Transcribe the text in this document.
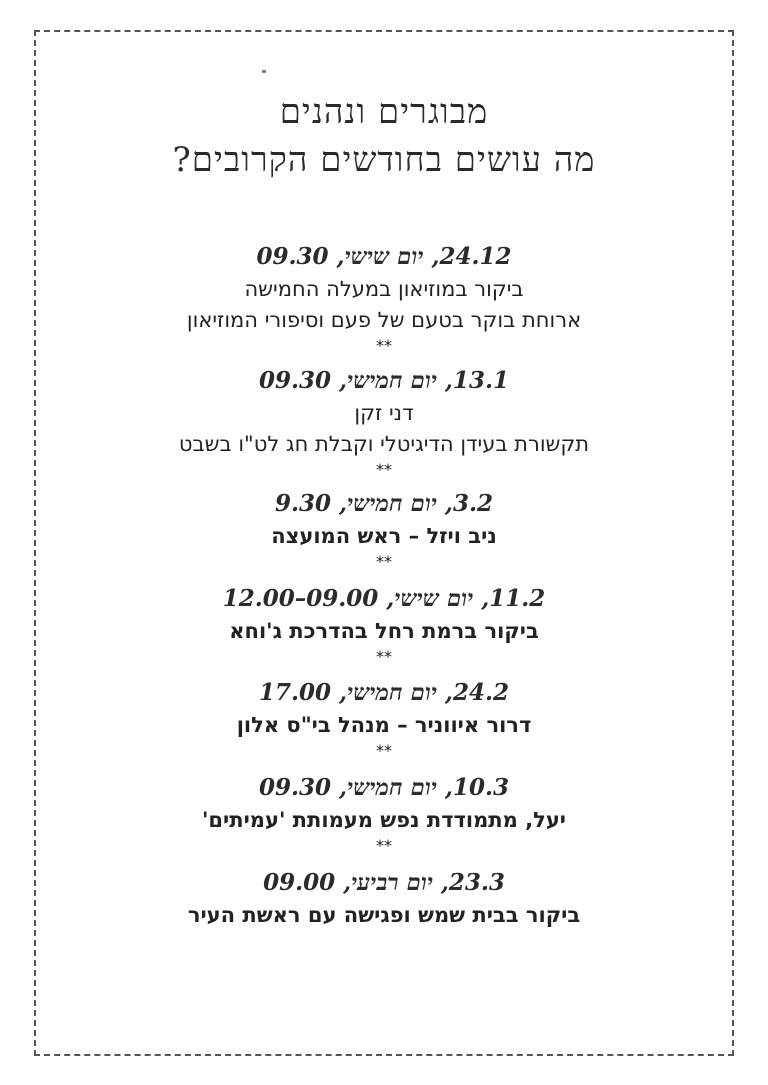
מבוגרים ונהנים
מה עושים בחודשים הקרובים?
24.12, יום שישי, 09.30
ביקור במוזיאון במעלה החמישה
ארוחת בוקר בטעם של פעם וסיפורי המוזיאון
**
13.1, יום חמישי, 09.30
דני זקן
תקשורת בעידן הדיגיטלי וקבלת חג לט"ו בשבט
**
3.2, יום חמישי, 9.30
ניב ויזל – ראש המועצה
**
11.2, יום שישי, 09.00–12.00
ביקור ברמת רחל בהדרכת ג'וחא
**
24.2, יום חמישי, 17.00
דרור איווניר – מנהל בי"ס אלון
**
10.3, יום חמישי, 09.30
יעל, מתמודדת נפש מעמותת 'עמיתים'
**
23.3, יום רביעי, 09.00
ביקור בבית שמש ופגישה עם ראשת העיר
